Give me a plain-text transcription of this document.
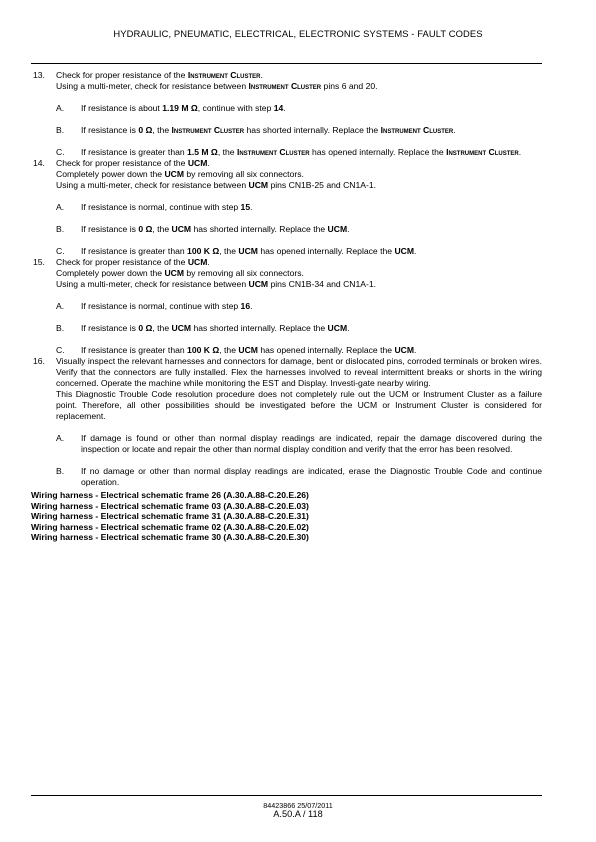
HYDRAULIC, PNEUMATIC, ELECTRICAL, ELECTRONIC SYSTEMS - FAULT CODES
13. Check for proper resistance of the Instrument Cluster.

Using a multi-meter, check for resistance between Instrument Cluster pins 6 and 20.

A. If resistance is about 1.19 M Ω, continue with step 14.
B. If resistance is 0 Ω, the Instrument Cluster has shorted internally. Replace the Instrument Cluster.
C. If resistance is greater than 1.5 M Ω, the Instrument Cluster has opened internally. Replace the Instrument Cluster.
14. Check for proper resistance of the UCM.

Completely power down the UCM by removing all six connectors.

Using a multi-meter, check for resistance between UCM pins CN1B-25 and CN1A-1.

A. If resistance is normal, continue with step 15.
B. If resistance is 0 Ω, the UCM has shorted internally. Replace the UCM.
C. If resistance is greater than 100 K Ω, the UCM has opened internally. Replace the UCM.
15. Check for proper resistance of the UCM.

Completely power down the UCM by removing all six connectors.

Using a multi-meter, check for resistance between UCM pins CN1B-34 and CN1A-1.

A. If resistance is normal, continue with step 16.
B. If resistance is 0 Ω, the UCM has shorted internally. Replace the UCM.
C. If resistance is greater than 100 K Ω, the UCM has opened internally. Replace the UCM.
16. Visually inspect the relevant harnesses and connectors for damage, bent or dislocated pins, corroded terminals or broken wires. Verify that the connectors are fully installed. Flex the harnesses involved to reveal intermittent breaks or shorts in the wiring concerned. Operate the machine while monitoring the EST and Display. Investi-gate nearby wiring.

This Diagnostic Trouble Code resolution procedure does not completely rule out the UCM or Instrument Cluster as a failure point. Therefore, all other possibilities should be investigated before the UCM or Instrument Cluster is considered for replacement.

A. If damage is found or other than normal display readings are indicated, repair the damage discovered during the inspection or locate and repair the other than normal display condition and verify that the error has been resolved.
B. If no damage or other than normal display readings are indicated, erase the Diagnostic Trouble Code and continue operation.
Wiring harness - Electrical schematic frame 26 (A.30.A.88-C.20.E.26)
Wiring harness - Electrical schematic frame 03 (A.30.A.88-C.20.E.03)
Wiring harness - Electrical schematic frame 31 (A.30.A.88-C.20.E.31)
Wiring harness - Electrical schematic frame 02 (A.30.A.88-C.20.E.02)
Wiring harness - Electrical schematic frame 30 (A.30.A.88-C.20.E.30)
84423866 25/07/2011
A.50.A / 118
